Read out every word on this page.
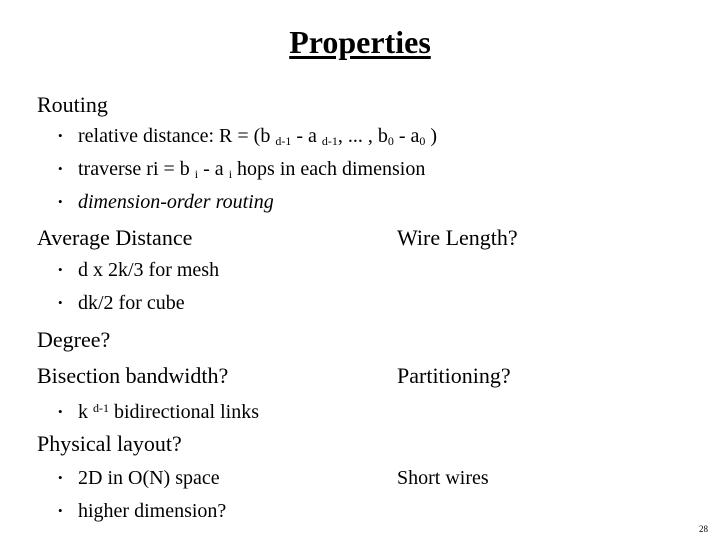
Properties
Routing
• relative distance: R = (b $_{d-1}$ - a $_{d-1}$, ... , $b_0 - a_0$ )
• traverse ri = b $_i$ - a $_i$ hops in each dimension
• dimension-order routing
Average Distance	Wire Length?
• d x 2k/3 for mesh
• dk/2 for cube
Degree?
Bisection bandwidth?	Partitioning?
• k $^{d-1}$ bidirectional links
Physical layout?
• 2D in O(N) space	Short wires
• higher dimension?
28
